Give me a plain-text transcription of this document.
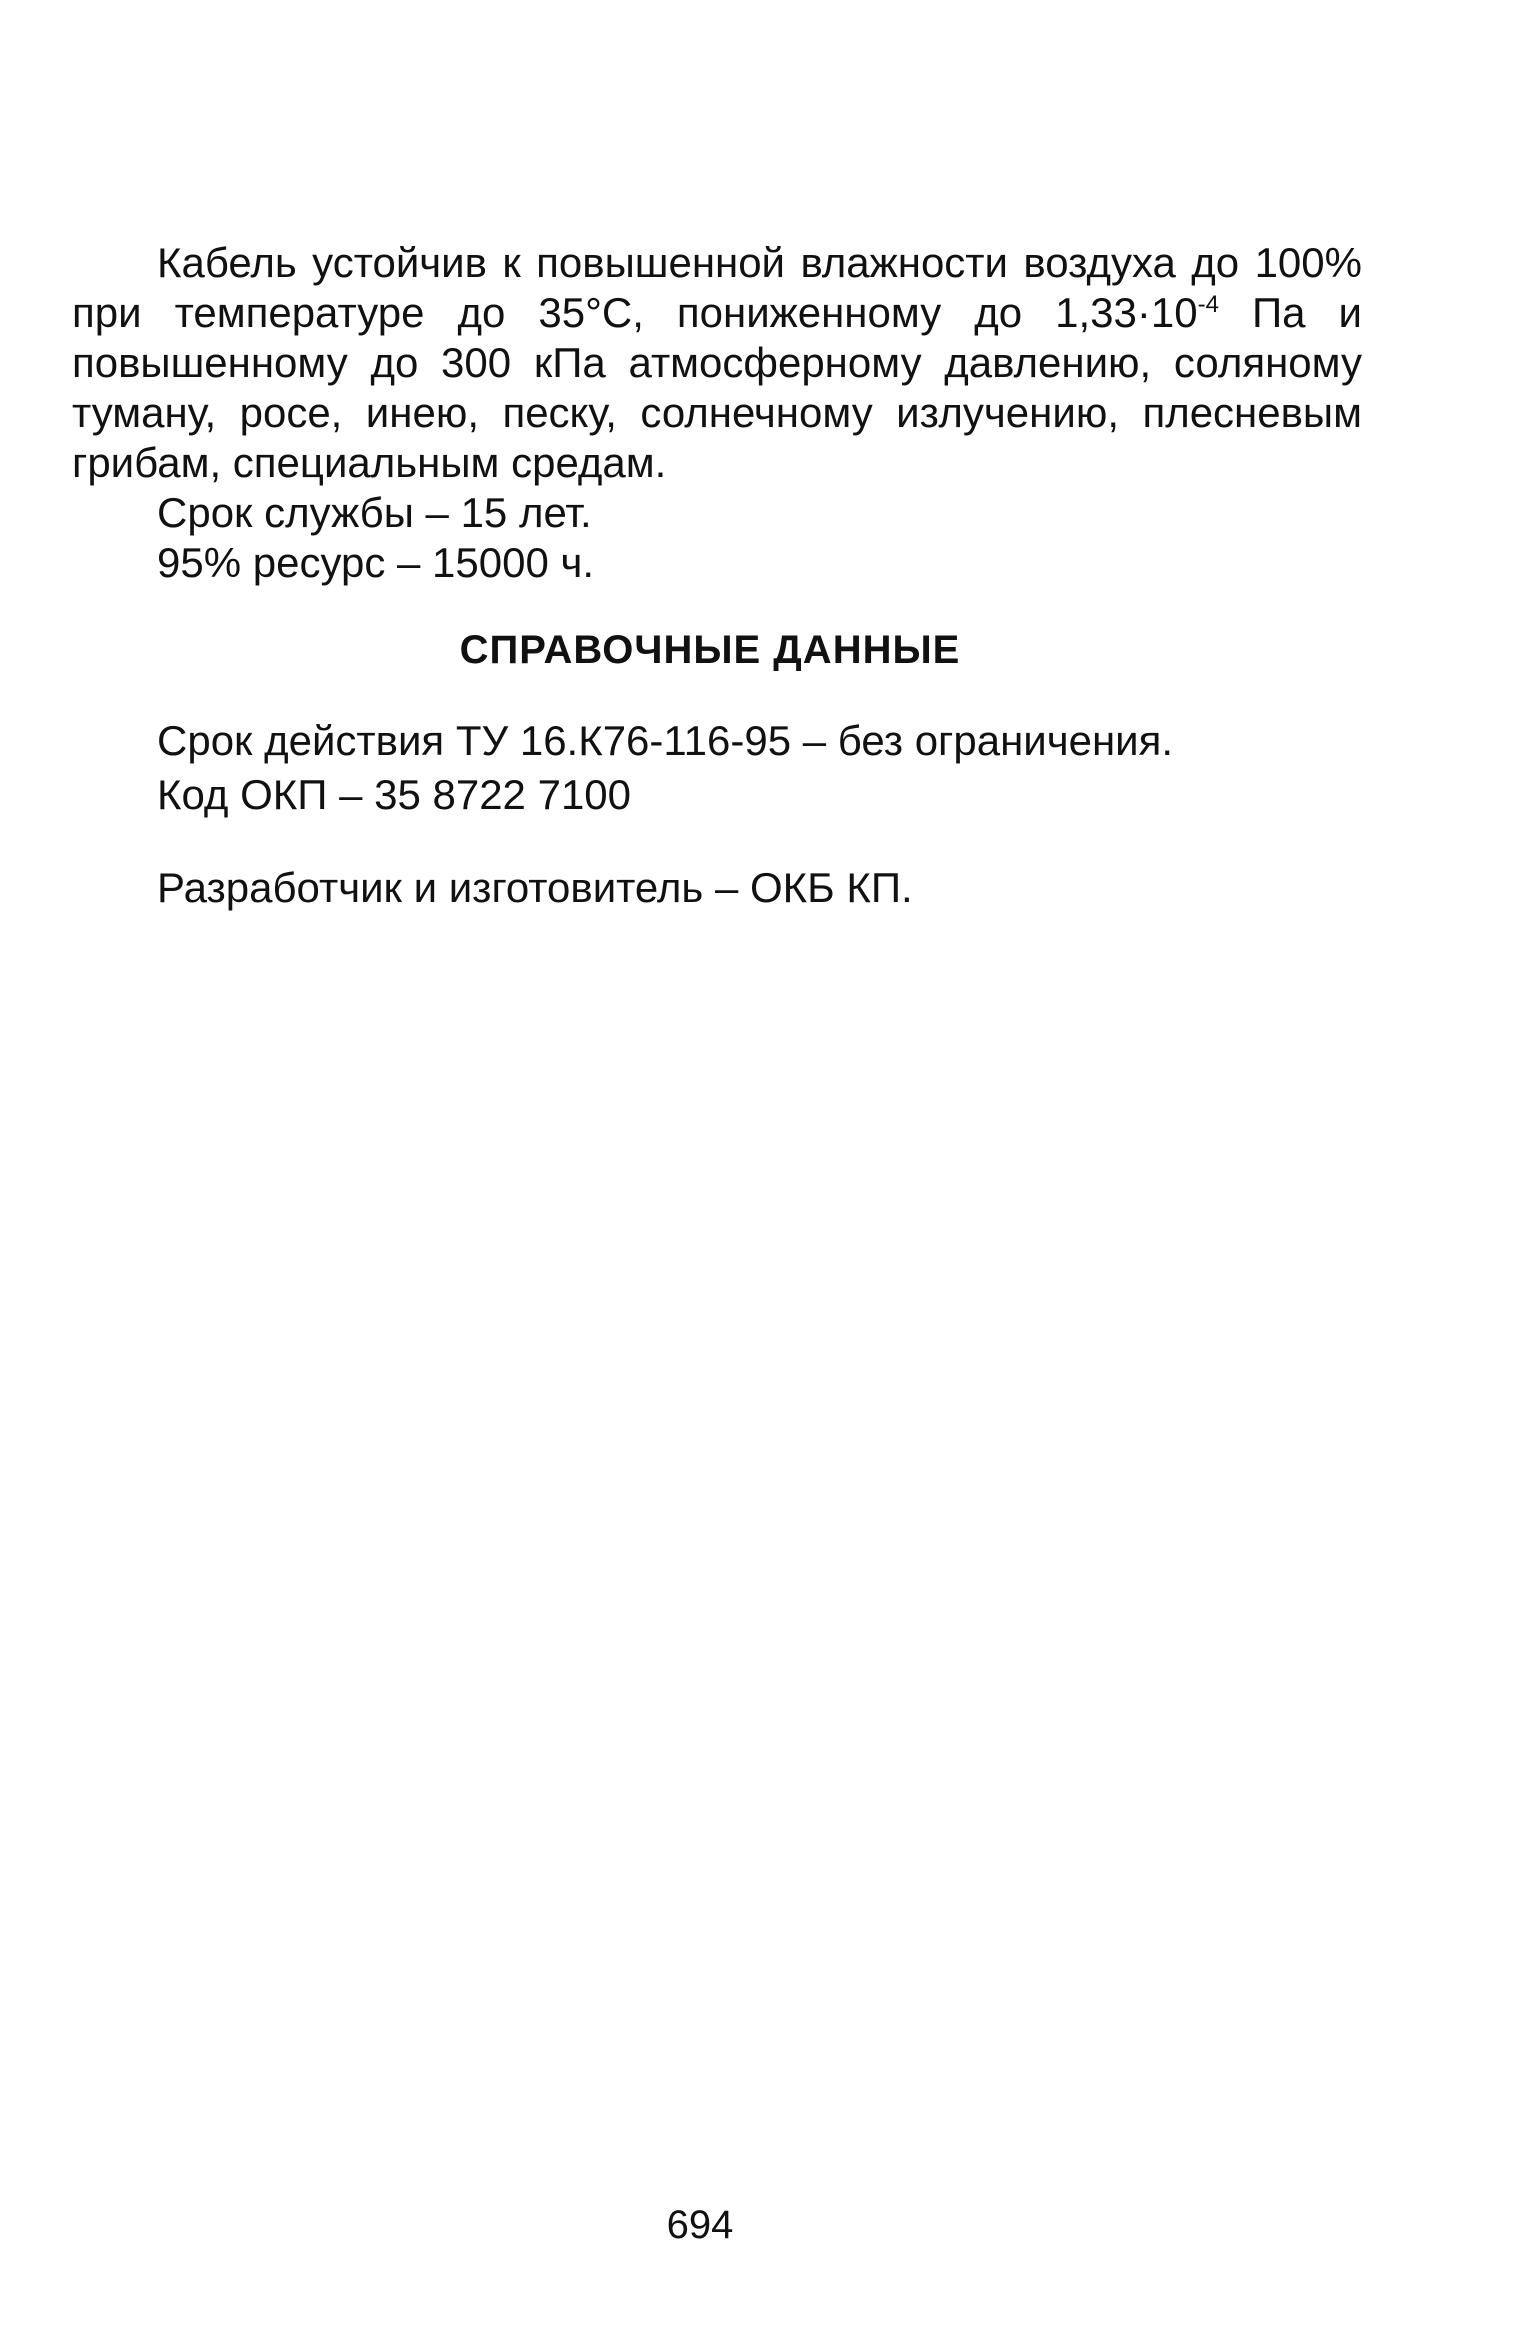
Кабель устойчив к повышенной влажности воздуха до 100% при температуре до 35°С, пониженному до $1,33\cdot 10^{-4}$ Па и повышенному до 300 кПа атмосферному давлению, соляному туману, росе, инею, песку, солнечному излучению, плесневым грибам, специальным средам.

Срок службы – 15 лет.

95% ресурс – 15000 ч.

СПРАВОЧНЫЕ ДАННЫЕ

Срок действия ТУ 16.К76-116-95 – без ограничения.

Код ОКП – 35 8722 7100

Разработчик и изготовитель – ОКБ КП.

694
